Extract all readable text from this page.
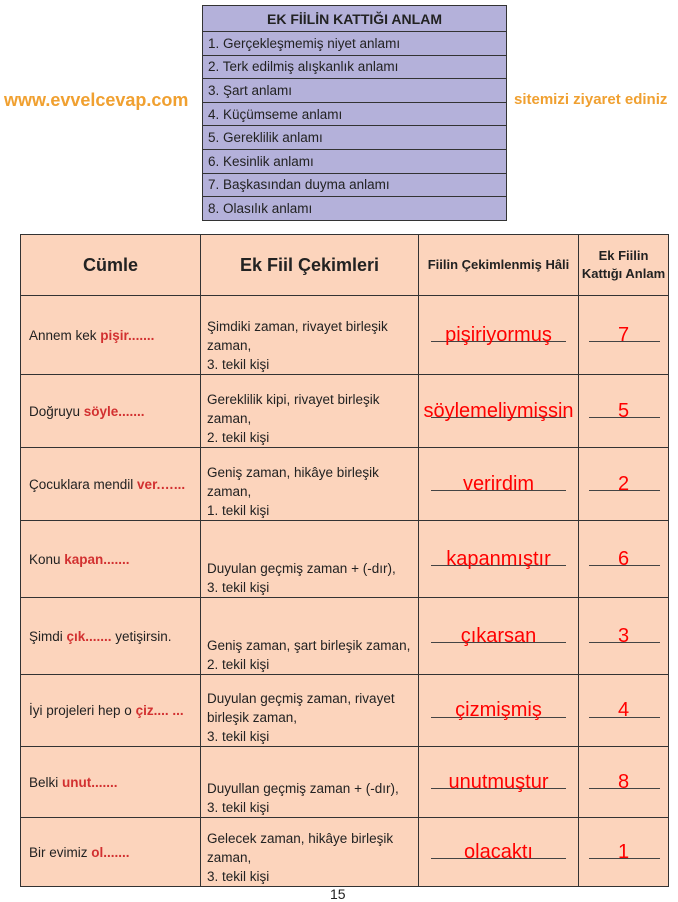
EK FİİLİN KATTIĞI ANLAM
1. Gerçekleşmemiş niyet anlamı
2. Terk edilmiş alışkanlık anlamı
3. Şart anlamı
4. Küçümseme anlamı
5. Gereklilik anlamı
6. Kesinlik anlamı
7. Başkasından duyma anlamı
8. Olasılık anlamı
Cümle	Ek Fiil Çekimleri	Fiilin Çekimlenmiş Hâli	Ek Fiilin Kattığı Anlam
Annem kek pişir.......	Şimdiki zaman, rivayet birleşik
zaman,
3. tekil kişi	pişiriyormuş	7
Doğruyu söyle.......	Gereklilik kipi, rivayet birleşik
zaman,
2. tekil kişi	söylemeliymişsin	5
Çocuklara mendil ver.…...	Geniş zaman, hikâye birleşik
zaman,
1. tekil kişi	verirdim	2
Konu kapan.......	Duyulan geçmiş zaman + (-dır),
3. tekil kişi	kapanmıştır	6
Şimdi çık....... yetişirsin.	Geniş zaman, şart birleşik zaman,
2. tekil kişi	çıkarsan	3
İyi projeleri hep o çiz.... ...	Duyulan geçmiş zaman, rivayet
birleşik zaman,
3. tekil kişi	çizmişmiş	4
Belki unut.......	Duyullan geçmiş zaman + (-dır),
3. tekil kişi	unutmuştur	8
Bir evimiz ol.......	Gelecek zaman, hikâye birleşik
zaman,
3. tekil kişi	olacaktı	1
www.evvelcevap.com	sitemizi ziyaret ediniz
15
